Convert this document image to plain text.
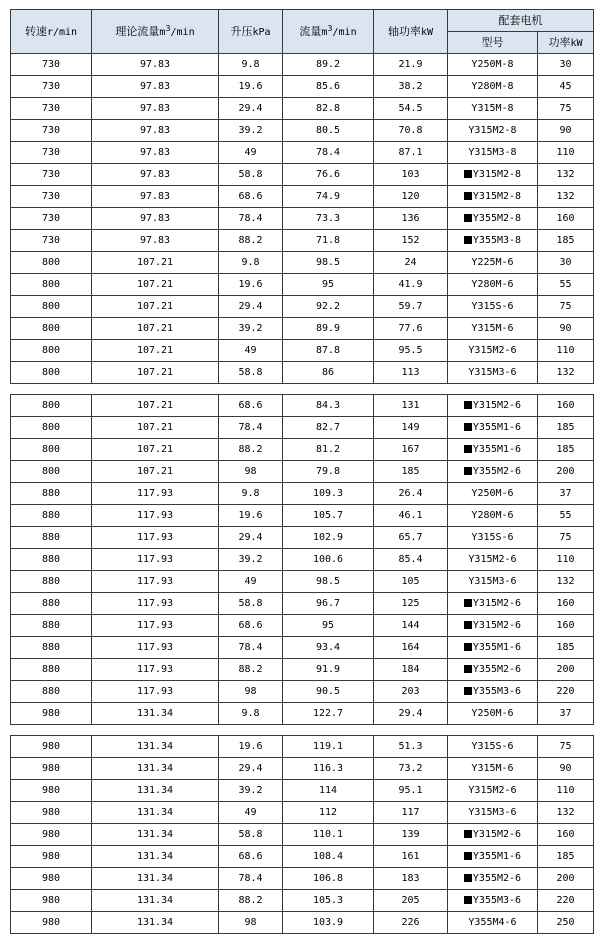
转速r/min	理论流量$m^3/\min$	升压kPa	流量$m^3/\min$	轴功率kW	配套电机	
					型号	功率kW
730	97.83	9.8	89.2	21.9	Y250M-8	30
730	97.83	19.6	85.6	38.2	Y280M-8	45
730	97.83	29.4	82.8	54.5	Y315M-8	75
730	97.83	39.2	80.5	70.8	Y315M2-8	90
730	97.83	49	78.4	87.1	Y315M3-8	110
730	97.83	58.8	76.6	103	Y315M2-8	132
730	97.83	68.6	74.9	120	Y315M2-8	132
730	97.83	78.4	73.3	136	Y355M2-8	160
730	97.83	88.2	71.8	152	Y355M3-8	185
800	107.21	9.8	98.5	24	Y225M-6	30
800	107.21	19.6	95	41.9	Y280M-6	55
800	107.21	29.4	92.2	59.7	Y315S-6	75
800	107.21	39.2	89.9	77.6	Y315M-6	90
800	107.21	49	87.8	95.5	Y315M2-6	110
800	107.21	58.8	86	113	Y315M3-6	132
800	107.21	68.6	84.3	131	Y315M2-6	160
800	107.21	78.4	82.7	149	Y355M1-6	185
800	107.21	88.2	81.2	167	Y355M1-6	185
800	107.21	98	79.8	185	Y355M2-6	200
880	117.93	9.8	109.3	26.4	Y250M-6	37
880	117.93	19.6	105.7	46.1	Y280M-6	55
880	117.93	29.4	102.9	65.7	Y315S-6	75
880	117.93	39.2	100.6	85.4	Y315M2-6	110
880	117.93	49	98.5	105	Y315M3-6	132
880	117.93	58.8	96.7	125	Y315M2-6	160
880	117.93	68.6	95	144	Y315M2-6	160
880	117.93	78.4	93.4	164	Y355M1-6	185
880	117.93	88.2	91.9	184	Y355M2-6	200
880	117.93	98	90.5	203	Y355M3-6	220
980	131.34	9.8	122.7	29.4	Y250M-6	37
980	131.34	19.6	119.1	51.3	Y315S-6	75
980	131.34	29.4	116.3	73.2	Y315M-6	90
980	131.34	39.2	114	95.1	Y315M2-6	110
980	131.34	49	112	117	Y315M3-6	132
980	131.34	58.8	110.1	139	Y315M2-6	160
980	131.34	68.6	108.4	161	Y355M1-6	185
980	131.34	78.4	106.8	183	Y355M2-6	200
980	131.34	88.2	105.3	205	Y355M3-6	220
980	131.34	98	103.9	226	Y355M4-6	250
